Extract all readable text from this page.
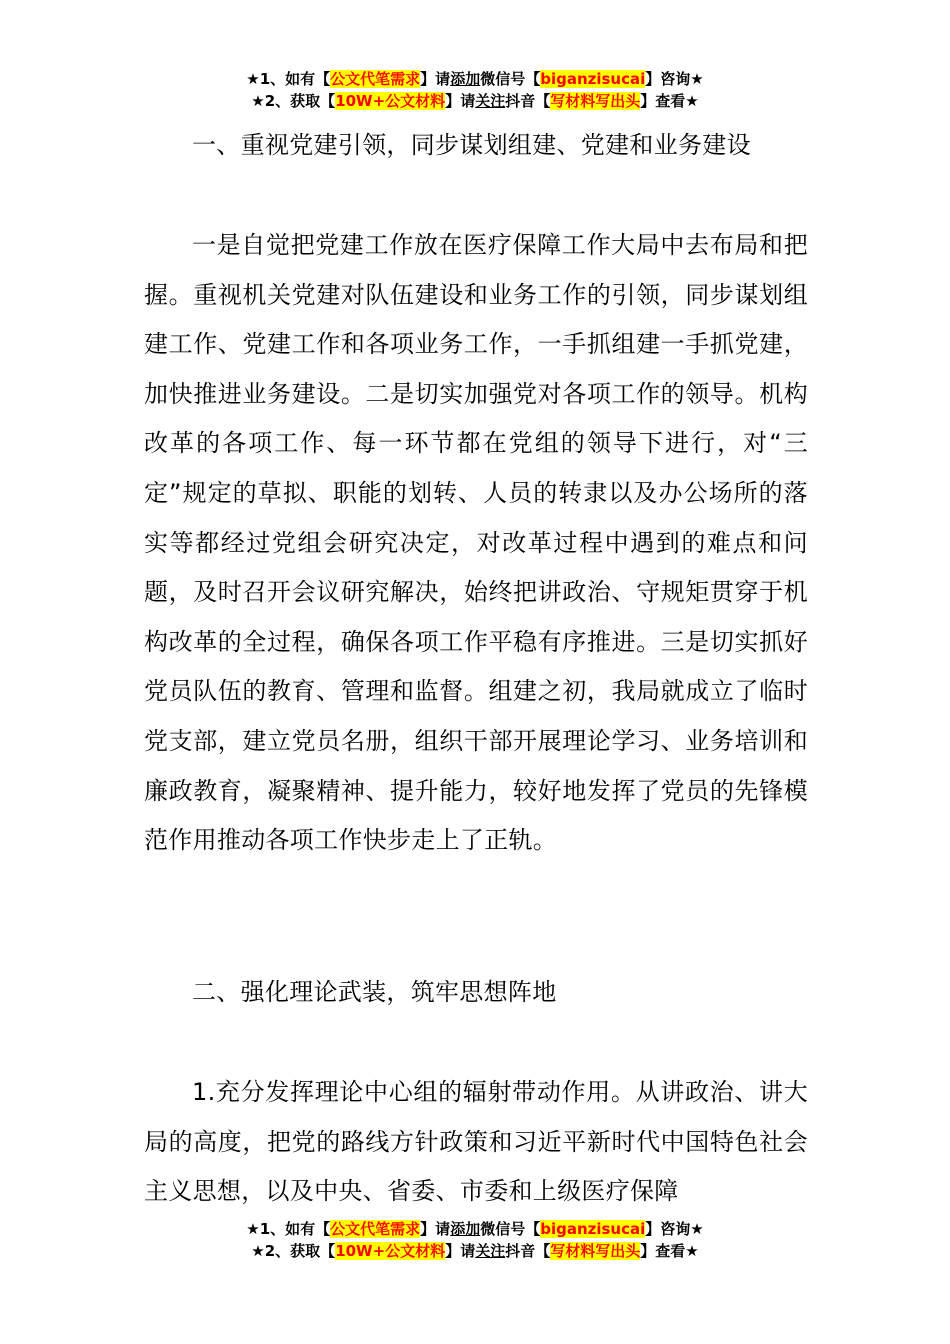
★1、如有【公文代笔需求】请添加微信号【biganzisucai】咨询★
★2、获取【10W+公文材料】请关注抖音【写材料写出头】查看★

一、重视党建引领，同步谋划组建、党建和业务建设

一是自觉把党建工作放在医疗保障工作大局中去布局和把握。重视机关党建对队伍建设和业务工作的引领，同步谋划组建工作、党建工作和各项业务工作，一手抓组建一手抓党建，加快推进业务建设。二是切实加强党对各项工作的领导。机构改革的各项工作、每一环节都在党组的领导下进行，对“三定”规定的草拟、职能的划转、人员的转隶以及办公场所的落实等都经过党组会研究决定，对改革过程中遇到的难点和问题，及时召开会议研究解决，始终把讲政治、守规矩贯穿于机构改革的全过程，确保各项工作平稳有序推进。三是切实抓好党员队伍的教育、管理和监督。组建之初，我局就成立了临时党支部，建立党员名册，组织干部开展理论学习、业务培训和廉政教育，凝聚精神、提升能力，较好地发挥了党员的先锋模范作用推动各项工作快步走上了正轨。

二、强化理论武装，筑牢思想阵地

1.充分发挥理论中心组的辐射带动作用。从讲政治、讲大局的高度，把党的路线方针政策和习近平新时代中国特色社会主义思想，以及中央、省委、市委和上级医疗保障

★1、如有【公文代笔需求】请添加微信号【biganzisucai】咨询★
★2、获取【10W+公文材料】请关注抖音【写材料写出头】查看★
